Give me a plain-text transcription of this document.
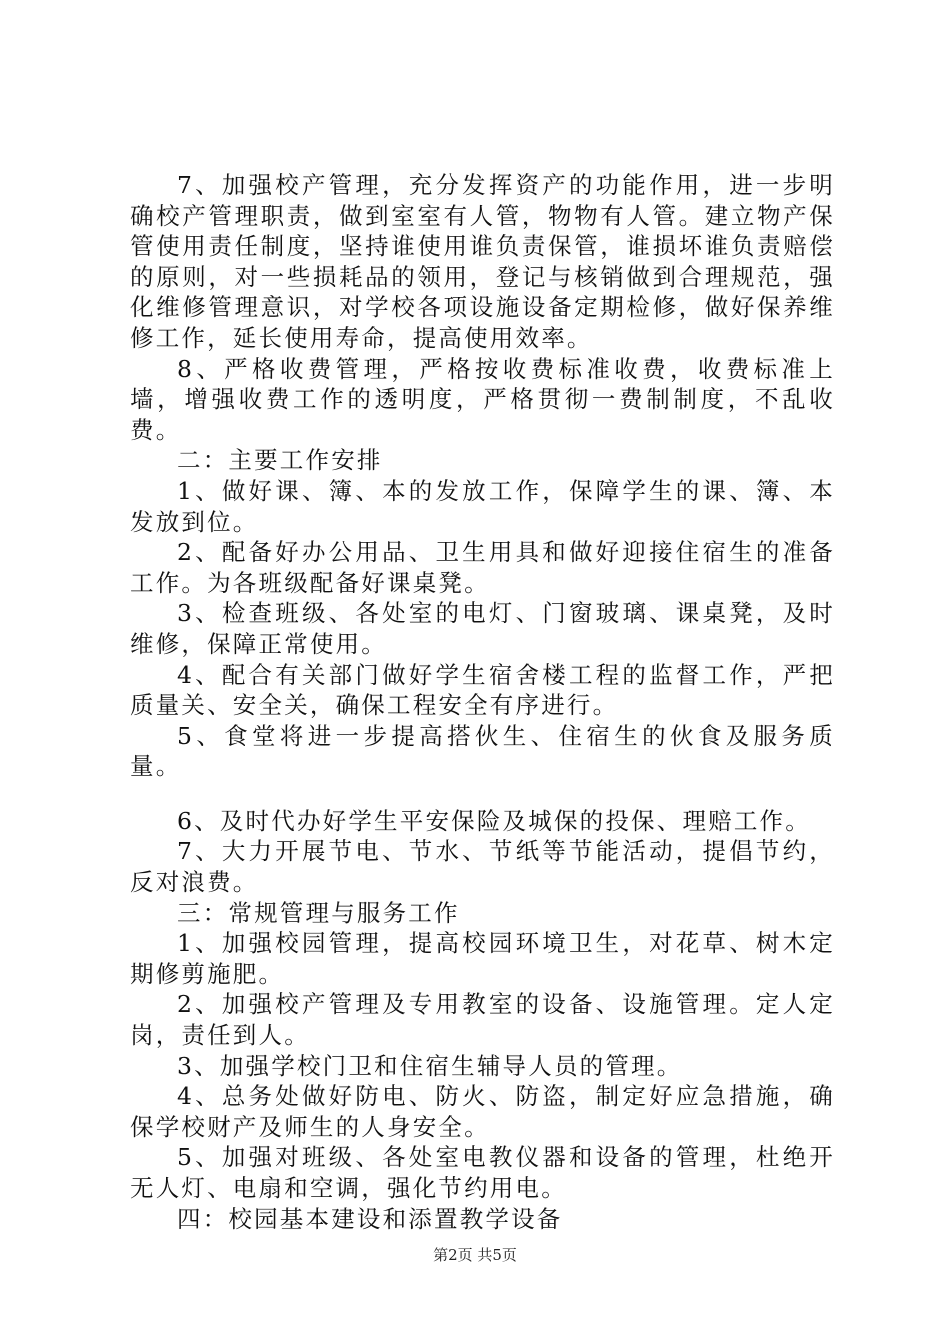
7、加强校产管理，充分发挥资产的功能作用，进一步明确校产管理职责，做到室室有人管，物物有人管。建立物产保管使用责任制度，坚持谁使用谁负责保管，谁损坏谁负责赔偿的原则，对一些损耗品的领用，登记与核销做到合理规范，强化维修管理意识，对学校各项设施设备定期检修，做好保养维修工作，延长使用寿命，提高使用效率。

8、严格收费管理，严格按收费标准收费，收费标准上墙，增强收费工作的透明度，严格贯彻一费制制度，不乱收费。

二：主要工作安排

1、做好课、簿、本的发放工作，保障学生的课、簿、本发放到位。

2、配备好办公用品、卫生用具和做好迎接住宿生的准备工作。为各班级配备好课桌凳。

3、检查班级、各处室的电灯、门窗玻璃、课桌凳，及时维修，保障正常使用。

4、配合有关部门做好学生宿舍楼工程的监督工作，严把质量关、安全关，确保工程安全有序进行。

5、食堂将进一步提高搭伙生、住宿生的伙食及服务质量。

6、及时代办好学生平安保险及城保的投保、理赔工作。

7、大力开展节电、节水、节纸等节能活动，提倡节约，反对浪费。

三：常规管理与服务工作

1、加强校园管理，提高校园环境卫生，对花草、树木定期修剪施肥。

2、加强校产管理及专用教室的设备、设施管理。定人定岗，责任到人。

3、加强学校门卫和住宿生辅导人员的管理。

4、总务处做好防电、防火、防盗，制定好应急措施，确保学校财产及师生的人身安全。

5、加强对班级、各处室电教仪器和设备的管理，杜绝开无人灯、电扇和空调，强化节约用电。

四：校园基本建设和添置教学设备

第2页 共5页
